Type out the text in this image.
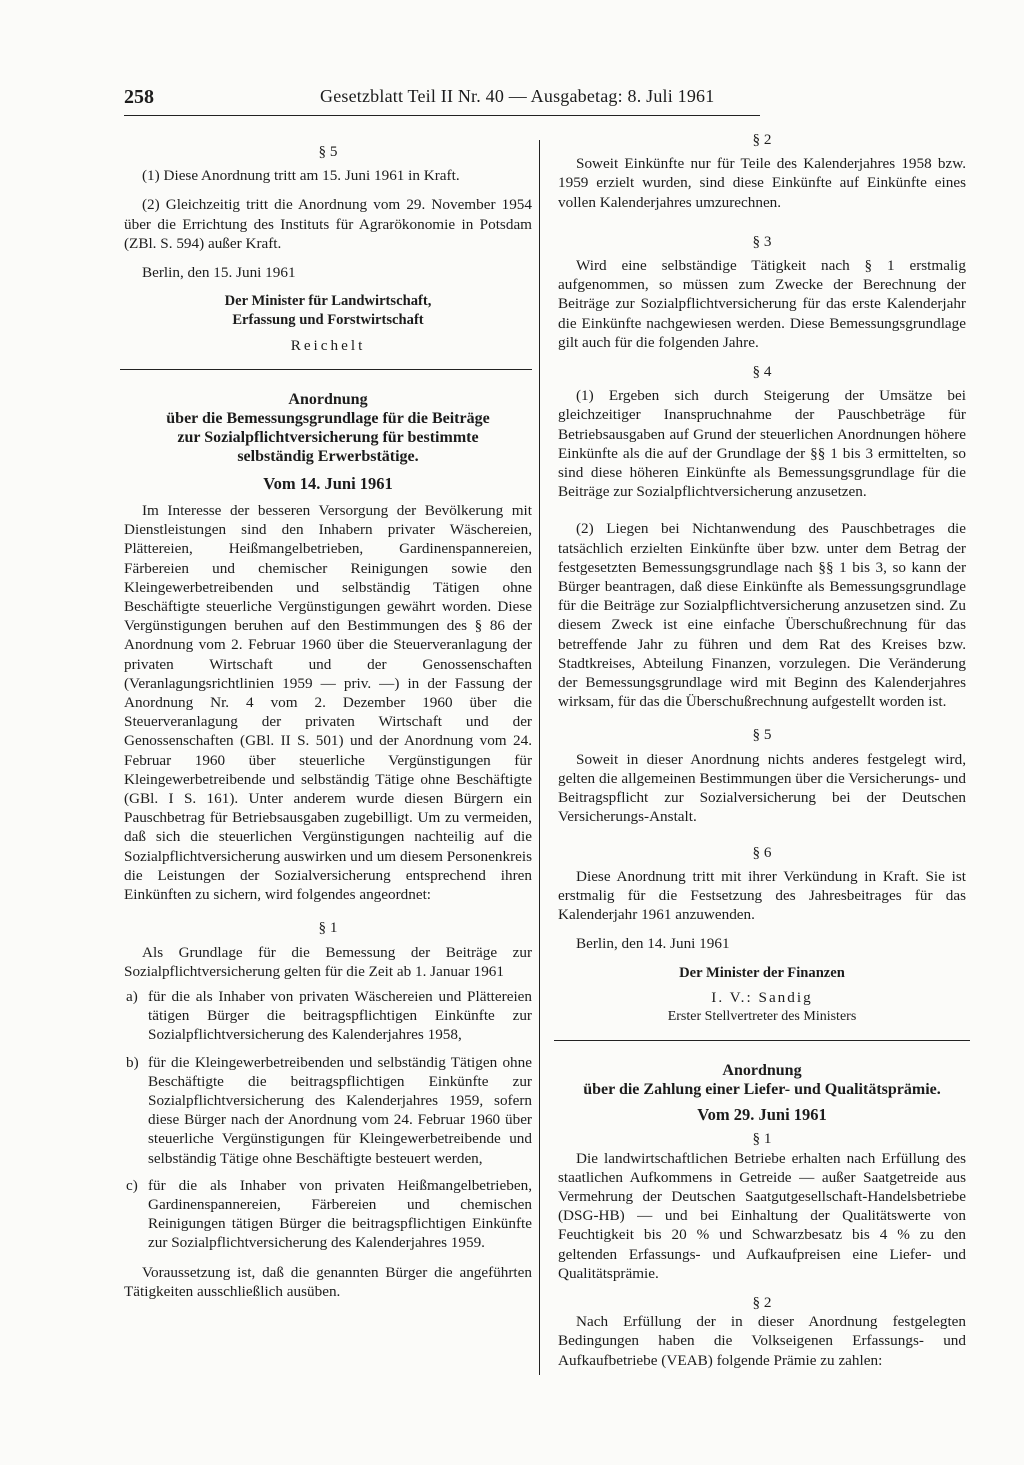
258	Gesetzblatt Teil II Nr. 40 — Ausgabetag: 8. Juli 1961

§ 5

(1) Diese Anordnung tritt am 15. Juni 1961 in Kraft.

(2) Gleichzeitig tritt die Anordnung vom 29. November 1954 über die Errichtung des Instituts für Agrarökonomie in Potsdam (ZBl. S. 594) außer Kraft.

Berlin, den 15. Juni 1961

Der Minister für Landwirtschaft,

Erfassung und Forstwirtschaft

Reichelt

Anordnung

über die Bemessungsgrundlage für die Beiträge

zur Sozialpflichtversicherung für bestimmte

selbständig Erwerbstätige.

Vom 14. Juni 1961

Im Interesse der besseren Versorgung der Bevölkerung mit Dienstleistungen sind den Inhabern privater Wäschereien, Plättereien, Heißmangelbetrieben, Gardinenspannereien, Färbereien und chemischer Reinigungen sowie den Kleingewerbetreibenden und selbständig Tätigen ohne Beschäftigte steuerliche Vergünstigungen gewährt worden. Diese Vergünstigungen beruhen auf den Bestimmungen des § 86 der Anordnung vom 2. Februar 1960 über die Steuerveranlagung der privaten Wirtschaft und der Genossenschaften (Veranlagungsrichtlinien 1959 — priv. —) in der Fassung der Anordnung Nr. 4 vom 2. Dezember 1960 über die Steuerveranlagung der privaten Wirtschaft und der Genossenschaften (GBl. II S. 501) und der Anordnung vom 24. Februar 1960 über steuerliche Vergünstigungen für Kleingewerbetreibende und selbständig Tätige ohne Beschäftigte (GBl. I S. 161). Unter anderem wurde diesen Bürgern ein Pauschbetrag für Betriebsausgaben zugebilligt. Um zu vermeiden, daß sich die steuerlichen Vergünstigungen nachteilig auf die Sozialpflichtversicherung auswirken und um diesem Personenkreis die Leistungen der Sozialversicherung entsprechend ihren Einkünften zu sichern, wird folgendes angeordnet:

§ 1

Als Grundlage für die Bemessung der Beiträge zur Sozialpflichtversicherung gelten für die Zeit ab 1. Januar 1961

a) für die als Inhaber von privaten Wäschereien und Plättereien tätigen Bürger die beitragspflichtigen Einkünfte zur Sozialpflichtversicherung des Kalenderjahres 1958,
b) für die Kleingewerbetreibenden und selbständig Tätigen ohne Beschäftigte die beitragspflichtigen Einkünfte zur Sozialpflichtversicherung des Kalenderjahres 1959, sofern diese Bürger nach der Anordnung vom 24. Februar 1960 über steuerliche Vergünstigungen für Kleingewerbetreibende und selbständig Tätige ohne Beschäftigte besteuert werden,
c) für die als Inhaber von privaten Heißmangelbetrieben, Gardinenspannereien, Färbereien und chemischen Reinigungen tätigen Bürger die beitragspflichtigen Einkünfte zur Sozialpflichtversicherung des Kalenderjahres 1959.

Voraussetzung ist, daß die genannten Bürger die angeführten Tätigkeiten ausschließlich ausüben.

§ 2

Soweit Einkünfte nur für Teile des Kalenderjahres 1958 bzw. 1959 erzielt wurden, sind diese Einkünfte auf Einkünfte eines vollen Kalenderjahres umzurechnen.

§ 3

Wird eine selbständige Tätigkeit nach § 1 erstmalig aufgenommen, so müssen zum Zwecke der Berechnung der Beiträge zur Sozialpflichtversicherung für das erste Kalenderjahr die Einkünfte nachgewiesen werden. Diese Bemessungsgrundlage gilt auch für die folgenden Jahre.

§ 4

(1) Ergeben sich durch Steigerung der Umsätze bei gleichzeitiger Inanspruchnahme der Pauschbeträge für Betriebsausgaben auf Grund der steuerlichen Anordnungen höhere Einkünfte als die auf der Grundlage der §§ 1 bis 3 ermittelten, so sind diese höheren Einkünfte als Bemessungsgrundlage für die Beiträge zur Sozialpflichtversicherung anzusetzen.

(2) Liegen bei Nichtanwendung des Pauschbetrages die tatsächlich erzielten Einkünfte über bzw. unter dem Betrag der festgesetzten Bemessungsgrundlage nach §§ 1 bis 3, so kann der Bürger beantragen, daß diese Einkünfte als Bemessungsgrundlage für die Beiträge zur Sozialpflichtversicherung anzusetzen sind. Zu diesem Zweck ist eine einfache Überschußrechnung für das betreffende Jahr zu führen und dem Rat des Kreises bzw. Stadtkreises, Abteilung Finanzen, vorzulegen. Die Veränderung der Bemessungsgrundlage wird mit Beginn des Kalenderjahres wirksam, für das die Überschußrechnung aufgestellt worden ist.

§ 5

Soweit in dieser Anordnung nichts anderes festgelegt wird, gelten die allgemeinen Bestimmungen über die Versicherungs- und Beitragspflicht zur Sozialversicherung bei der Deutschen Versicherungs-Anstalt.

§ 6

Diese Anordnung tritt mit ihrer Verkündung in Kraft. Sie ist erstmalig für die Festsetzung des Jahresbeitrages für das Kalenderjahr 1961 anzuwenden.

Berlin, den 14. Juni 1961

Der Minister der Finanzen

I. V.: Sandig

Erster Stellvertreter des Ministers

Anordnung

über die Zahlung einer Liefer- und Qualitätsprämie.

Vom 29. Juni 1961

§ 1

Die landwirtschaftlichen Betriebe erhalten nach Erfüllung des staatlichen Aufkommens in Getreide — außer Saatgetreide aus Vermehrung der Deutschen Saatgutgesellschaft-Handelsbetriebe (DSG-HB) — und bei Einhaltung der Qualitätswerte von Feuchtigkeit bis 20 % und Schwarzbesatz bis 4 % zu den geltenden Erfassungs- und Aufkaufpreisen eine Liefer- und Qualitätsprämie.

§ 2

Nach Erfüllung der in dieser Anordnung festgelegten Bedingungen haben die Volkseigenen Erfassungs- und Aufkaufbetriebe (VEAB) folgende Prämie zu zahlen:
